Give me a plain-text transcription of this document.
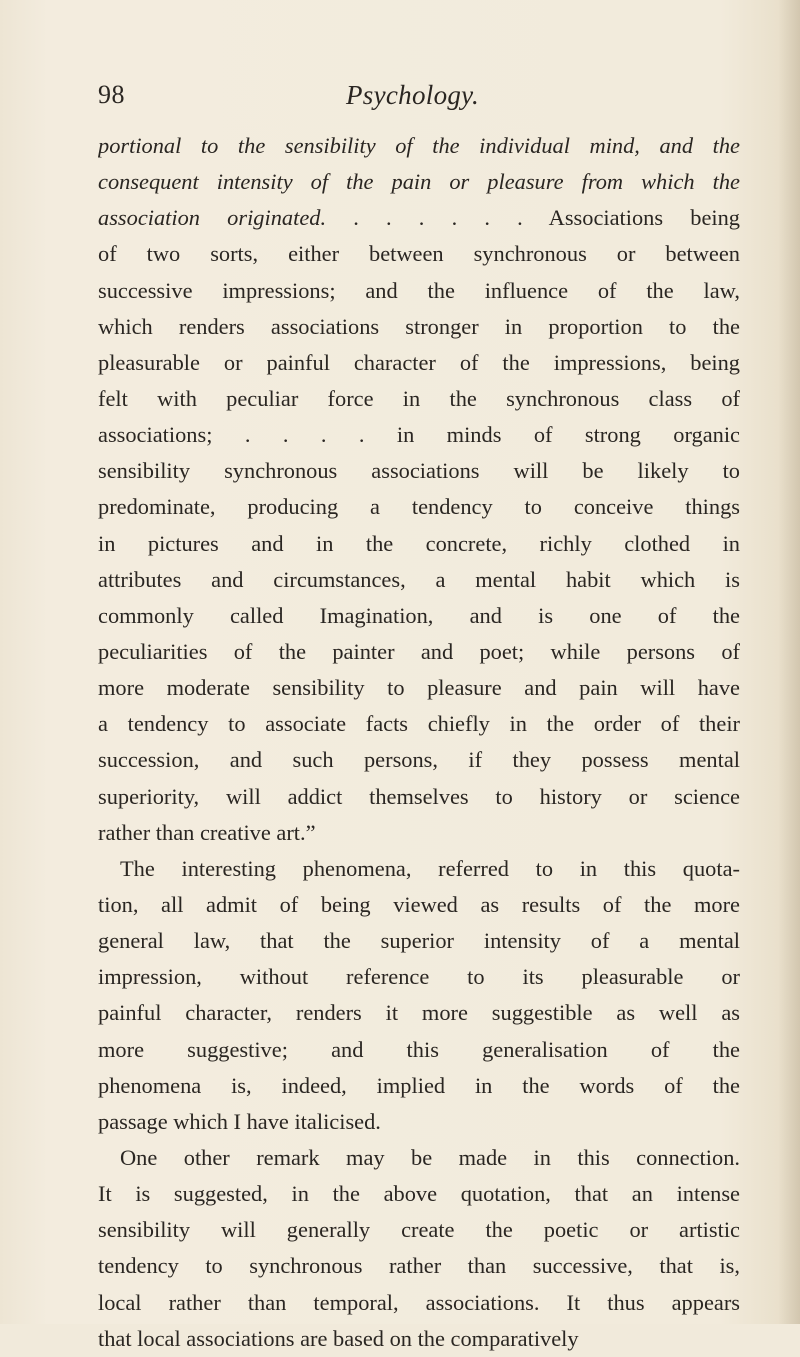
98	Psychology.
portional to the sensibility of the individual mind, and the
consequent intensity of the pain or pleasure from which the
association originated. . . . . . . Associations being
of two sorts, either between synchronous or between
successive impressions; and the influence of the law,
which renders associations stronger in proportion to the
pleasurable or painful character of the impressions, being
felt with peculiar force in the synchronous class of
associations; . . . . in minds of strong organic
sensibility synchronous associations will be likely to
predominate, producing a tendency to conceive things
in pictures and in the concrete, richly clothed in
attributes and circumstances, a mental habit which is
commonly called Imagination, and is one of the
peculiarities of the painter and poet; while persons of
more moderate sensibility to pleasure and pain will have
a tendency to associate facts chiefly in the order of their
succession, and such persons, if they possess mental
superiority, will addict themselves to history or science
rather than creative art.”
The interesting phenomena, referred to in this quota-
tion, all admit of being viewed as results of the more
general law, that the superior intensity of a mental
impression, without reference to its pleasurable or
painful character, renders it more suggestible as well as
more suggestive; and this generalisation of the
phenomena is, indeed, implied in the words of the
passage which I have italicised.
One other remark may be made in this connection.
It is suggested, in the above quotation, that an intense
sensibility will generally create the poetic or artistic
tendency to synchronous rather than successive, that is,
local rather than temporal, associations. It thus appears
that local associations are based on the comparatively
